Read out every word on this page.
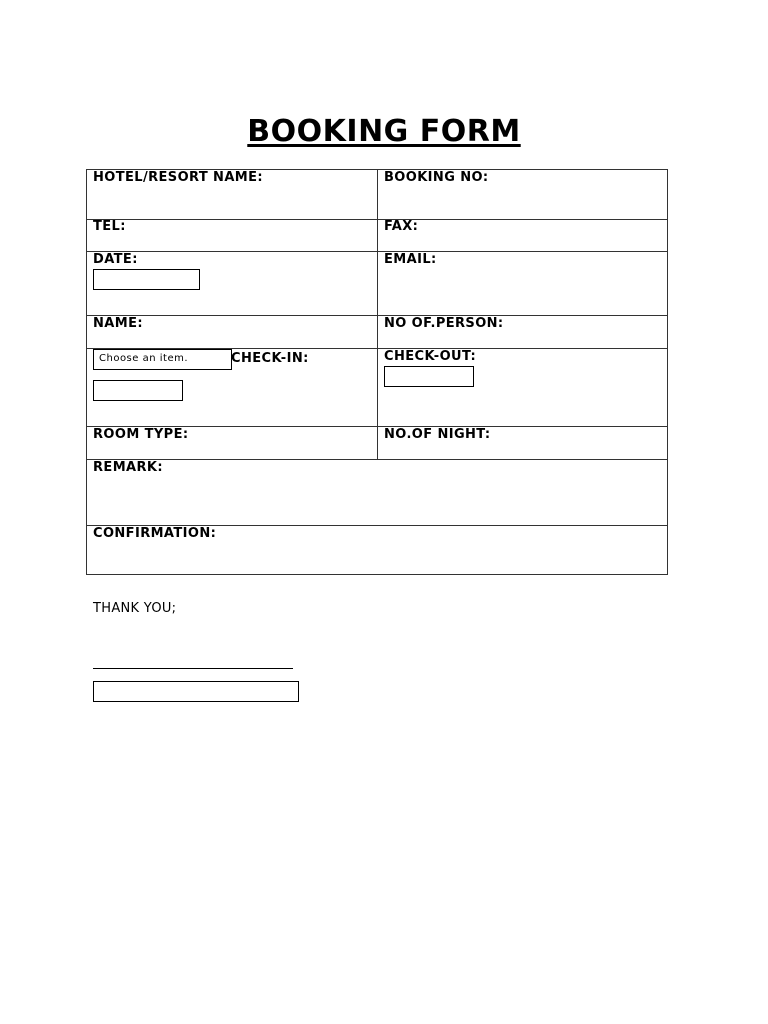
BOOKING FORM
HOTEL/RESORT NAME:	BOOKING NO:
TEL:	FAX:
DATE:	EMAIL:
NAME:	NO OF.PERSON:
Choose an item.	CHECK-IN:	CHECK-OUT:
ROOM TYPE:	NO.OF NIGHT:
REMARK:
CONFIRMATION:
THANK YOU;
